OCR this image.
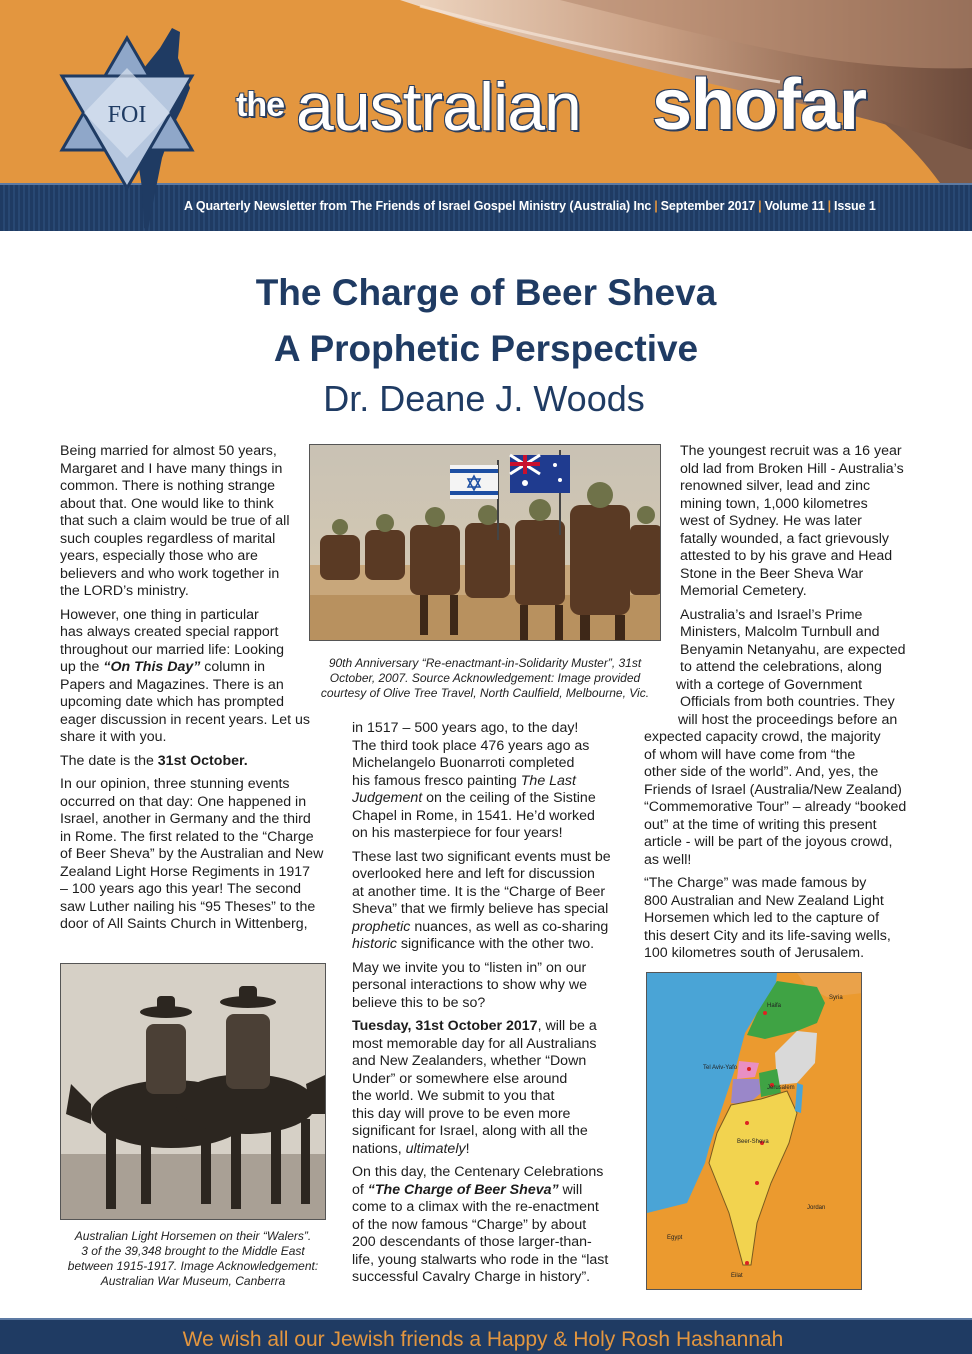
A Quarterly Newsletter from The Friends of Israel Gospel Ministry (Australia) Inc | September 2017 | Volume 11 | Issue 1
FOI	the australian shofar
The Charge of Beer Sheva
A Prophetic Perspective
Dr. Deane J. Woods

Being married for almost 50 years,
Margaret and I have many things in
common. There is nothing strange
about that. One would like to think
that such a claim would be true of all
such couples regardless of marital
years, especially those who are
believers and who work together in
the LORD’s ministry.

However, one thing in particular
has always created special rapport
throughout our married life: Looking
up the “On This Day” column in
Papers and Magazines. There is an
upcoming date which has prompted
eager discussion in recent years. Let us
share it with you.

The date is the 31st October.

In our opinion, three stunning events
occurred on that day: One happened in
Israel, another in Germany and the third
in Rome. The first related to the “Charge
of Beer Sheva” by the Australian and New
Zealand Light Horse Regiments in 1917
– 100 years ago this year! The second
saw Luther nailing his “95 Theses” to the
door of All Saints Church in Wittenberg,

90th Anniversary “Re-enactmant-in-Solidarity Muster”, 31st
October, 2007. Source Acknowledgement: Image provided
courtesy of Olive Tree Travel, North Caulfield, Melbourne, Vic.
Australian Light Horsemen on their “Walers”.
3 of the 39,348 brought to the Middle East
between 1915-1917. Image Acknowledgement:
Australian War Museum, Canberra

in 1517 – 500 years ago, to the day!
The third took place 476 years ago as
Michelangelo Buonarroti completed
his famous fresco painting The Last
Judgement on the ceiling of the Sistine
Chapel in Rome, in 1541. He’d worked
on his masterpiece for four years!

These last two significant events must be
overlooked here and left for discussion
at another time. It is the “Charge of Beer
Sheva” that we firmly believe has special
prophetic nuances, as well as co-sharing
historic significance with the other two.

May we invite you to “listen in” on our
personal interactions to show why we
believe this to be so?

Tuesday, 31st October 2017, will be a
most memorable day for all Australians
and New Zealanders, whether “Down
Under” or somewhere else around
the world. We submit to you that
this day will prove to be even more
significant for Israel, along with all the
nations, ultimately!

On this day, the Centenary Celebrations
of “The Charge of Beer Sheva” will
come to a climax with the re-enactment
of the now famous “Charge” by about
200 descendants of those larger-than-
life, young stalwarts who rode in the “last
successful Cavalry Charge in history”.

The youngest recruit was a 16 year
old lad from Broken Hill - Australia’s
renowned silver, lead and zinc
mining town, 1,000 kilometres
west of Sydney. He was later
fatally wounded, a fact grievously
attested to by his grave and Head
Stone in the Beer Sheva War
Memorial Cemetery.

Australia’s and Israel’s Prime
Ministers, Malcolm Turnbull and
Benyamin Netanyahu, are expected
to attend the celebrations, along
with a cortege of Government
Officials from both countries. They
will host the proceedings before an
expected capacity crowd, the majority
of whom will have come from “the
other side of the world”. And, yes, the
Friends of Israel (Australia/New Zealand)
“Commemorative Tour” – already “booked
out” at the time of writing this present
article - will be part of the joyous crowd,
as well!

“The Charge” was made famous by
800 Australian and New Zealand Light
Horsemen which led to the capture of
this desert City and its life-saving wells,
100 kilometres south of Jerusalem.

Syria
Haifa
Tel Aviv-Yafo
Jerusalem
Beer-Sheva
Jordan
Egypt
Eilat
We wish all our Jewish friends a Happy & Holy Rosh Hashannah
